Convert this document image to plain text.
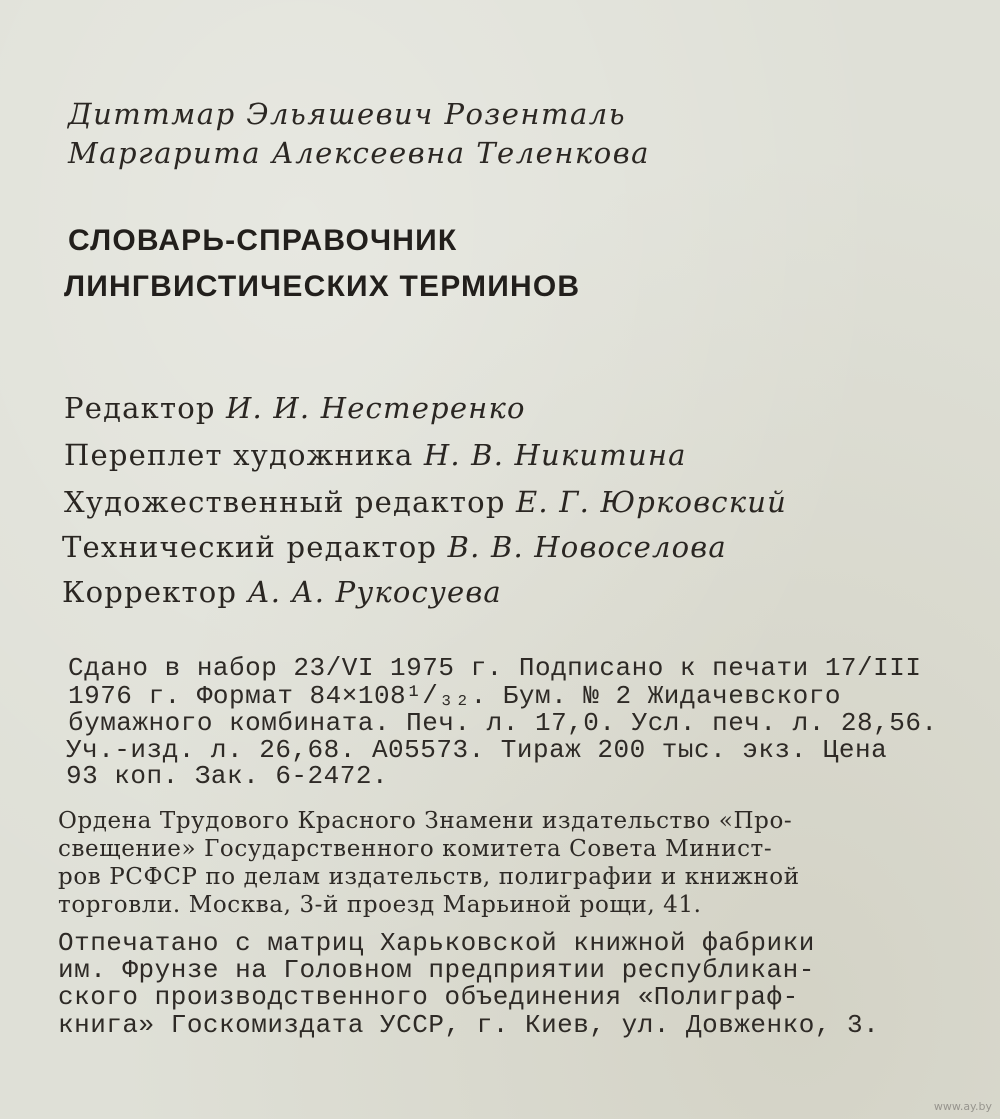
Диттмар Эльяшевич Розенталь
Маргарита Алексеевна Теленкова
СЛОВАРЬ-СПРАВОЧНИК
ЛИНГВИСТИЧЕСКИХ ТЕРМИНОВ
Редактор И. И. Нестеренко
Переплет художника Н. В. Никитина
Художественный редактор Е. Г. Юрковский
Технический редактор В. В. Новоселова
Корректор А. А. Рукосуева
Сдано в набор 23/VI 1975 г. Подписано к печати 17/III
1976 г. Формат 84×108¹/₃₂. Бум. № 2 Жидачевского
бумажного комбината. Печ. л. 17,0. Усл. печ. л. 28,56.
Уч.-изд. л. 26,68. А05573. Тираж 200 тыс. экз. Цена
93 коп. Зак. 6-2472.
Ордена Трудового Красного Знамени издательство «Про-
свещение» Государственного комитета Совета Минист-
ров РСФСР по делам издательств, полиграфии и книжной
торговли. Москва, 3-й проезд Марьиной рощи, 41.
Отпечатано с матриц Харьковской книжной фабрики
им. Фрунзе на Головном предприятии республикан-
ского производственного объединения «Полиграф-
книга» Госкомиздата УССР, г. Киев, ул. Довженко, 3.
www.ay.by
